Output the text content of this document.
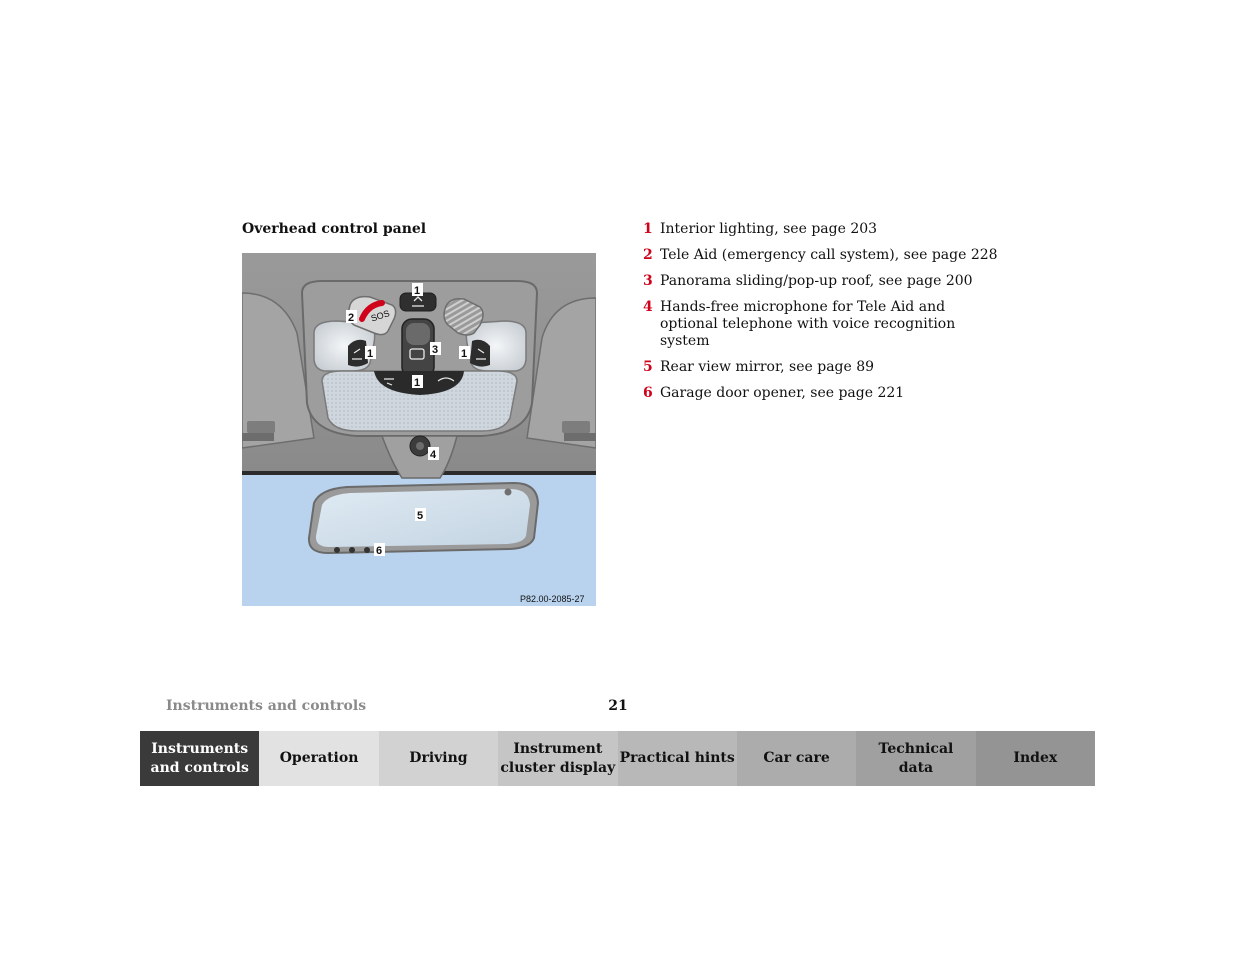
Overhead control panel
SOS
1
2
3
1	1
1
4
5
6
P82.00-2085-27
1 Interior lighting, see page 203
2 Tele Aid (emergency call system), see page 228
3 Panorama sliding/pop-up roof, see page 200
4 Hands-free microphone for Tele Aid and optional telephone with voice recognition system
5 Rear view mirror, see page 89
6 Garage door opener, see page 221
Instruments and controls	21
Instruments
and controls
Operation	Driving
Instrument
cluster display
Practical hints	Car care
Technical
data
Index
